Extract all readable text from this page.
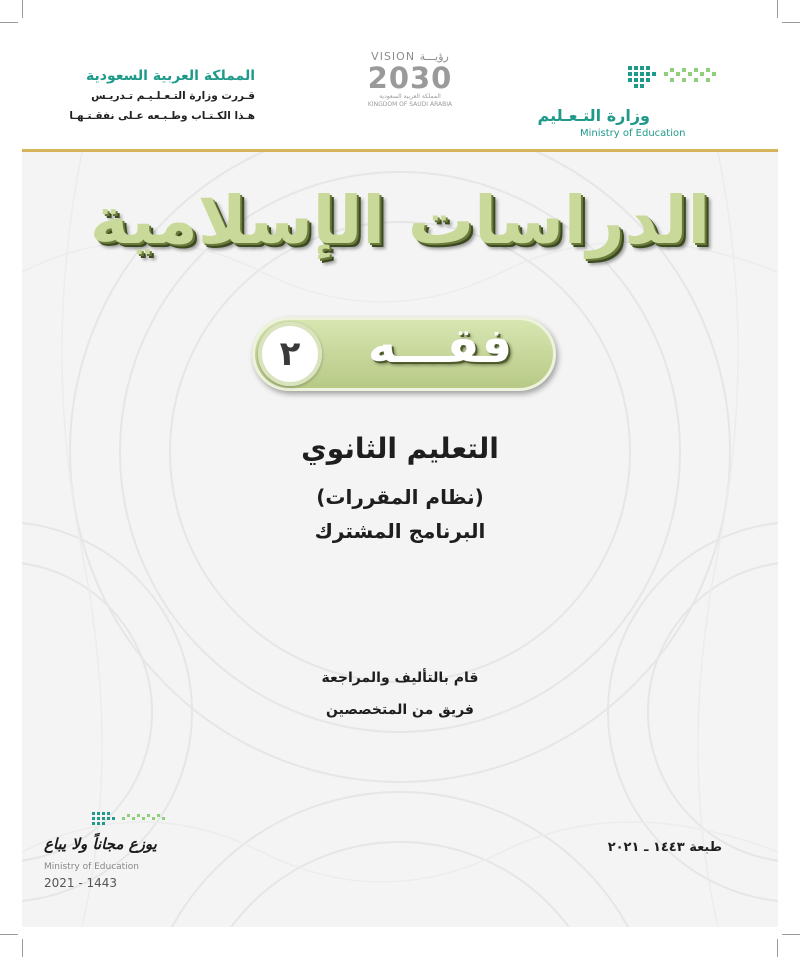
المملكة العربية السعودية
قـررت وزارة التـعـلـيـم تـدريـس
هـذا الكـتـاب وطـبـعه عـلى نفقـتـهـا
VISION رؤيـــة
2030
المملكة العربية السعودية
KINGDOM OF SAUDI ARABIA
وزارة التـعـليم
Ministry of Education
الدراسات الإسلامية
فقـــه
٢
التعليم الثانوي
(نظام المقررات)
البرنامج المشترك
قام بالتأليف والمراجعة
فريق من المتخصصين
طبعة ١٤٤٣ ـ ٢٠٢١
يوزع مجاناً ولا يباع
Ministry of Education
2021 - 1443
